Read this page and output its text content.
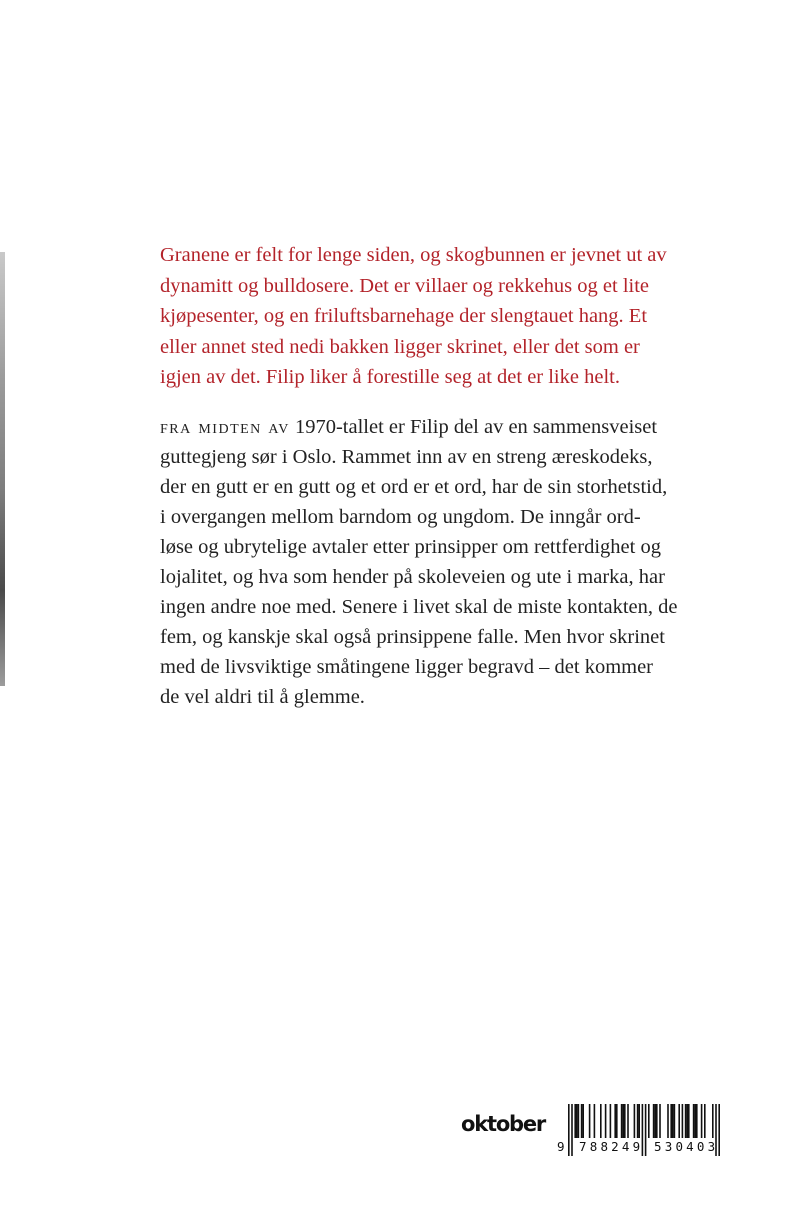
Granene er felt for lenge siden, og skogbunnen er jevnet ut av
dynamitt og bulldosere. Det er villaer og rekkehus og et lite
kjøpesenter, og en friluftsbarnehage der slengtauet hang. Et
eller annet sted nedi bakken ligger skrinet, eller det som er
igjen av det. Filip liker å forestille seg at det er like helt.
fra midten av 1970-tallet er Filip del av en sammensveiset
guttegjeng sør i Oslo. Rammet inn av en streng æreskodeks,
der en gutt er en gutt og et ord er et ord, har de sin storhetstid,
i overgangen mellom barndom og ungdom. De inngår ord-
løse og ubrytelige avtaler etter prinsipper om rettferdighet og
lojalitet, og hva som hender på skoleveien og ute i marka, har
ingen andre noe med. Senere i livet skal de miste kontakten, de
fem, og kanskje skal også prinsippene falle. Men hvor skrinet
med de livsviktige småtingene ligger begravd – det kommer
de vel aldri til å glemme.
oktober
9 788249 530403
